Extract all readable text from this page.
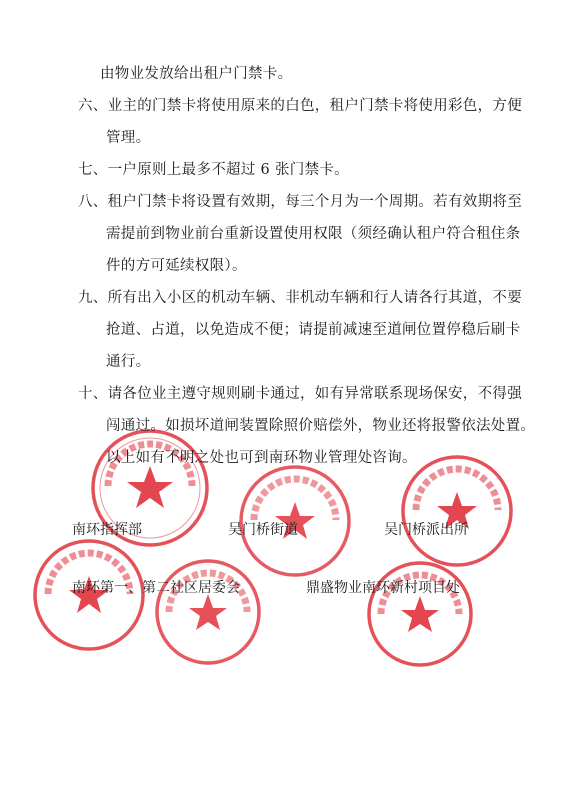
由物业发放给出租户门禁卡。
六、业主的门禁卡将使用原来的白色，租户门禁卡将使用彩色，方便
管理。
七、一户原则上最多不超过 6 张门禁卡。
八、租户门禁卡将设置有效期，每三个月为一个周期。若有效期将至
需提前到物业前台重新设置使用权限（须经确认租户符合租住条
件的方可延续权限）。
九、所有出入小区的机动车辆、非机动车辆和行人请各行其道，不要
抢道、占道，以免造成不便；请提前减速至道闸位置停稳后刷卡
通行。
十、请各位业主遵守规则刷卡通过，如有异常联系现场保安，不得强
闯通过。如损坏道闸装置除照价赔偿外，物业还将报警依法处置。
以上如有不明之处也可到南环物业管理处咨询。
南环指挥部	吴门桥街道	吴门桥派出所
南环第一、第二社区居委会	鼎盛物业南环新村项目处
